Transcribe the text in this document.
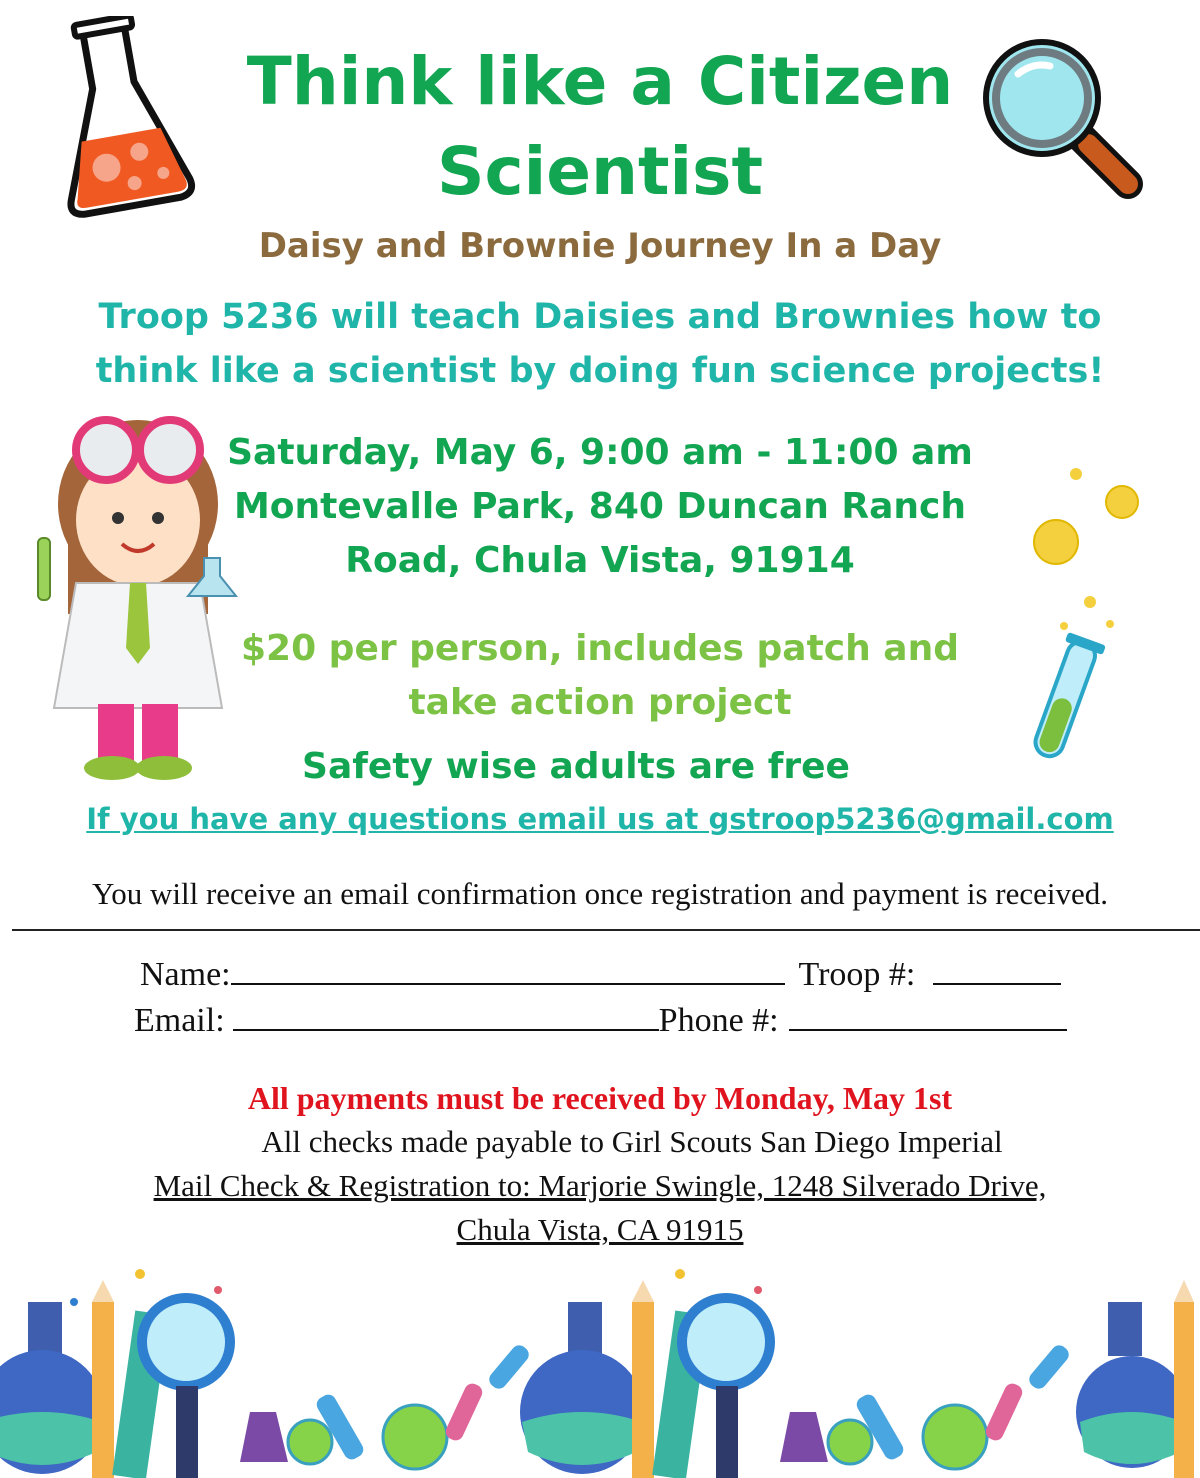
Think like a Citizen
Scientist
Daisy and Brownie Journey In a Day
Troop 5236 will teach Daisies and Brownies how to
think like a scientist by doing fun science projects!
Saturday, May 6, 9:00 am - 11:00 am
Montevalle Park, 840 Duncan Ranch
Road, Chula Vista, 91914
$20 per person, includes patch and
take action project
Safety wise adults are free
If you have any questions email us at gstroop5236@gmail.com
You will receive an email confirmation once registration and payment is received.
Name:	Troop #:
Email:	Phone #:
All payments must be received by Monday, May 1st
All checks made payable to Girl Scouts San Diego Imperial
Mail Check & Registration to: Marjorie Swingle, 1248 Silverado Drive,
Chula Vista, CA 91915
